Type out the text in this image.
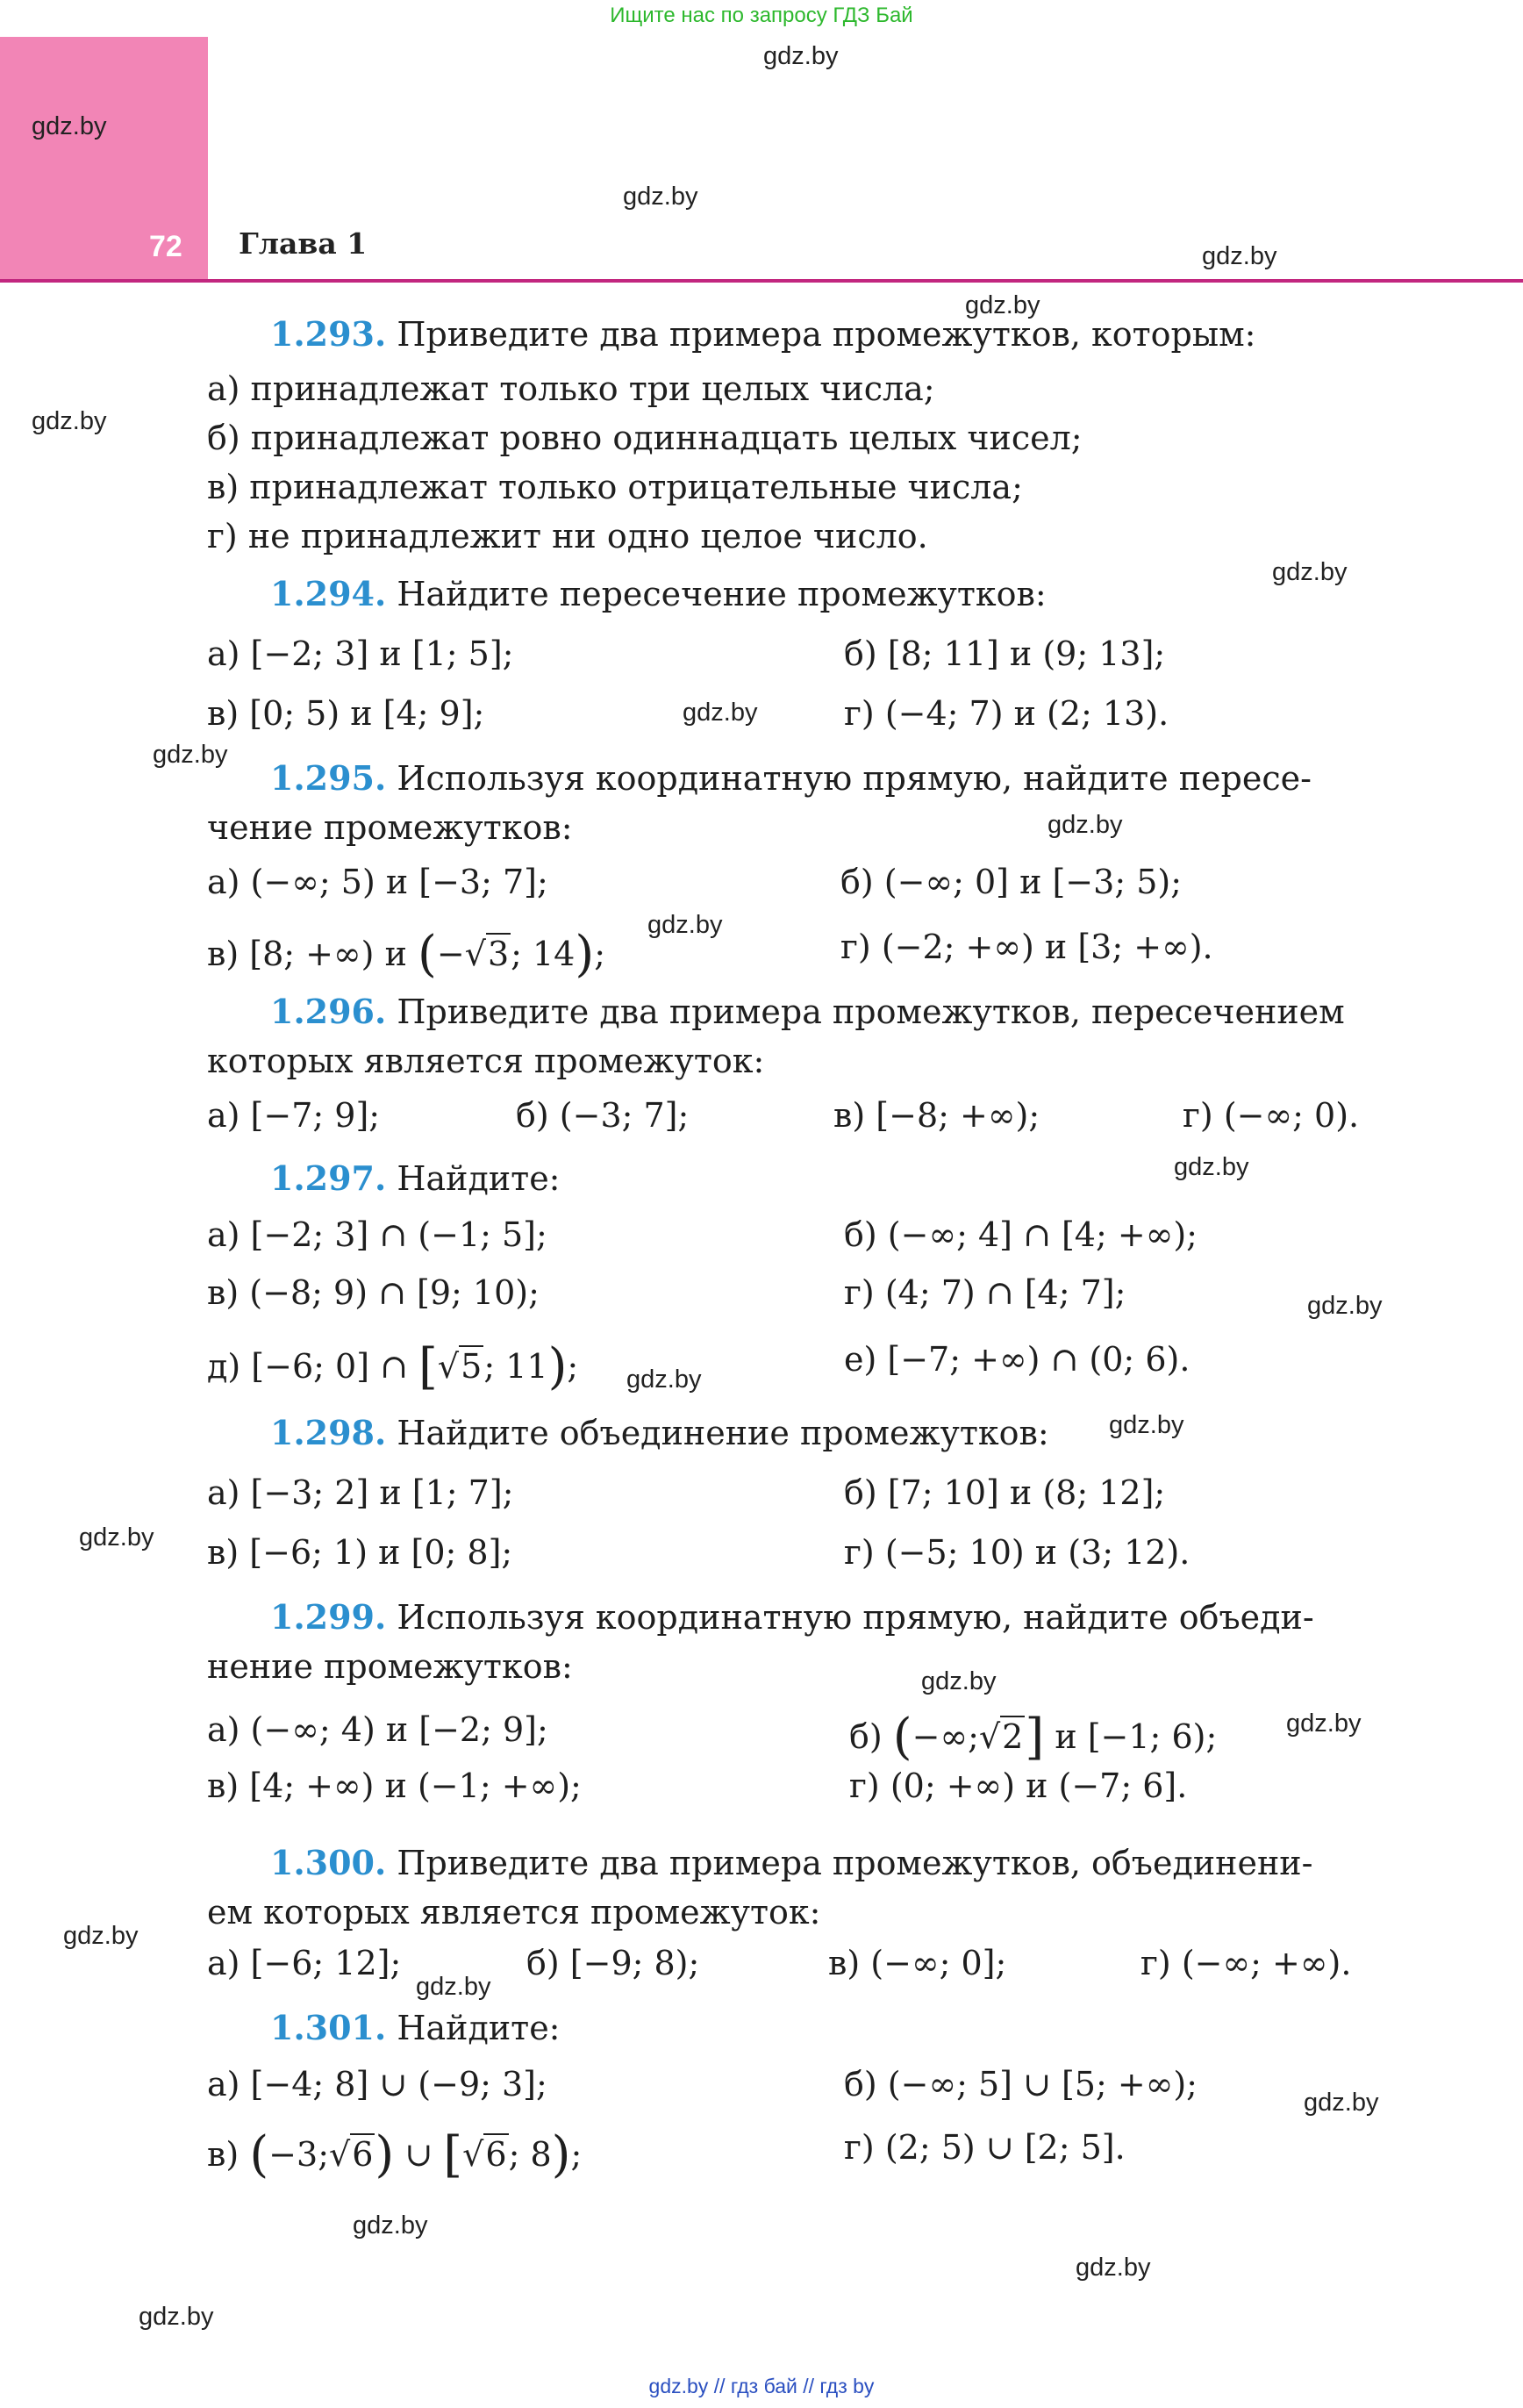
Ищите нас по запросу ГДЗ Бай
72 Глава 1
gdz.by
gdz.by
gdz.by
gdz.by
gdz.by
gdz.by
gdz.by
gdz.by
gdz.by
gdz.by
gdz.by
gdz.by
gdz.by
gdz.by
gdz.by
gdz.by
gdz.by
gdz.by
gdz.by
gdz.by
gdz.by
gdz.by
gdz.by
gdz.by
1.293. Приведите два примера промежутков, которым:
а) принадлежат только три целых числа;
б) принадлежат ровно одиннадцать целых чисел;
в) принадлежат только отрицательные числа;
г) не принадлежит ни одно целое число.
1.294. Найдите пересечение промежутков:
а) [−2; 3] и [1; 5];	б) [8; 11] и (9; 13];
в) [0; 5) и [4; 9];	г) (−4; 7) и (2; 13).
1.295. Используя координатную прямую, найдите пересе-
чение промежутков:
а) (−∞; 5) и [−3; 7];	б) (−∞; 0] и [−3; 5);
в) [8; +∞) и (−√3; 14);	г) (−2; +∞) и [3; +∞).
1.296. Приведите два примера промежутков, пересечением
которых является промежуток:
а) [−7; 9];	б) (−3; 7];	в) [−8; +∞);	г) (−∞; 0).
1.297. Найдите:
а) [−2; 3] ∩ (−1; 5];	б) (−∞; 4] ∩ [4; +∞);
в) (−8; 9) ∩ [9; 10);	г) (4; 7) ∩ [4; 7];
д) [−6; 0] ∩ [√5; 11);	е) [−7; +∞) ∩ (0; 6).
1.298. Найдите объединение промежутков:
а) [−3; 2] и [1; 7];	б) [7; 10] и (8; 12];
в) [−6; 1) и [0; 8];	г) (−5; 10) и (3; 12).
1.299. Используя координатную прямую, найдите объеди-
нение промежутков:
а) (−∞; 4) и [−2; 9];	б) (−∞;√2] и [−1; 6);
в) [4; +∞) и (−1; +∞);	г) (0; +∞) и (−7; 6].
1.300. Приведите два примера промежутков, объединени-
ем которых является промежуток:
а) [−6; 12];	б) [−9; 8);	в) (−∞; 0];	г) (−∞; +∞).
1.301. Найдите:
а) [−4; 8] ∪ (−9; 3];	б) (−∞; 5] ∪ [5; +∞);
в) (−3;√6) ∪ [√6; 8);	г) (2; 5) ∪ [2; 5].
gdz.by // гдз бай // гдз by
